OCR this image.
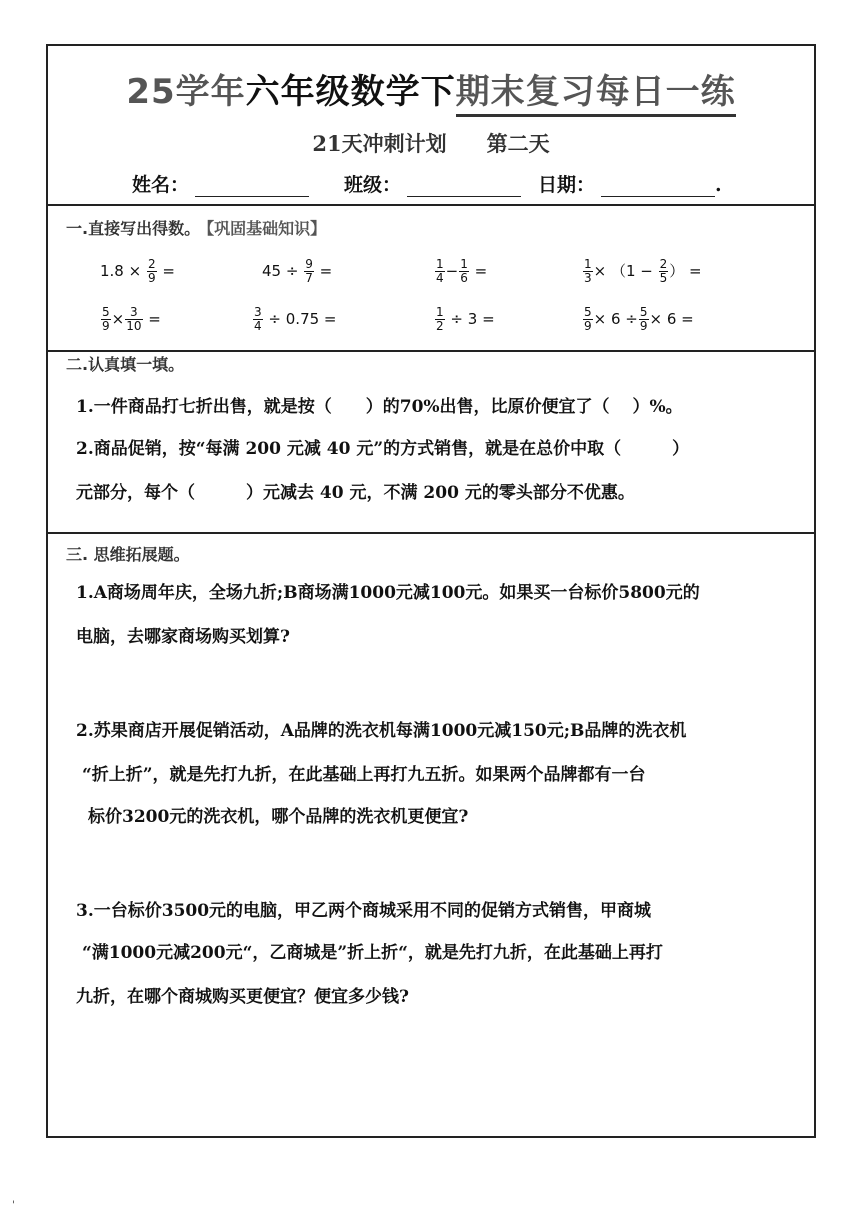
25学年六年级数学下期末复习每日一练
21天冲刺计划 第二天
姓名：	班级：	日期：	.
一.直接写出得数。 【巩固基础知识】
$1.8 \times \frac{2}{9}$ =	$45 \div \frac{9}{7}$ =	$\frac{1}{4} - \frac{1}{6}$ =	$\frac{1}{3} \times (1 - \frac{2}{5}$ ） =
$\frac{5}{9} \times \frac{3}{10}$ =	$\frac{3}{4} \div 0.75$ =	$\frac{1}{2} \div 3$ =	$\frac{5}{9} \times 6 \div \frac{5}{9} \times 6$ =
二.认真填一填。
1.一件商品打七折出售，就是按（　　）的70%出售，比原价便宜了（　 ）%。
2.商品促销，按“每满 200 元减 40 元”的方式销售，就是在总价中取（　　　）
元部分，每个（　　　）元减去 40 元，不满 200 元的零头部分不优惠。
三. 思维拓展题。
1.A商场周年庆，全场九折;B商场满1000元减100元。如果买一台标价5800元的
电脑，去哪家商场购买划算?
2.苏果商店开展促销活动，A品牌的洗衣机每满1000元减150元;B品牌的洗衣机
“折上折”，就是先打九折，在此基础上再打九五折。如果两个品牌都有一台
标价3200元的洗衣机，哪个品牌的洗衣机更便宜?
3.一台标价3500元的电脑，甲乙两个商城采用不同的促销方式销售，甲商城
“满1000元减200元“，乙商城是”折上折“，就是先打九折，在此基础上再打
九折，在哪个商城购买更便宜？便宜多少钱?
'
